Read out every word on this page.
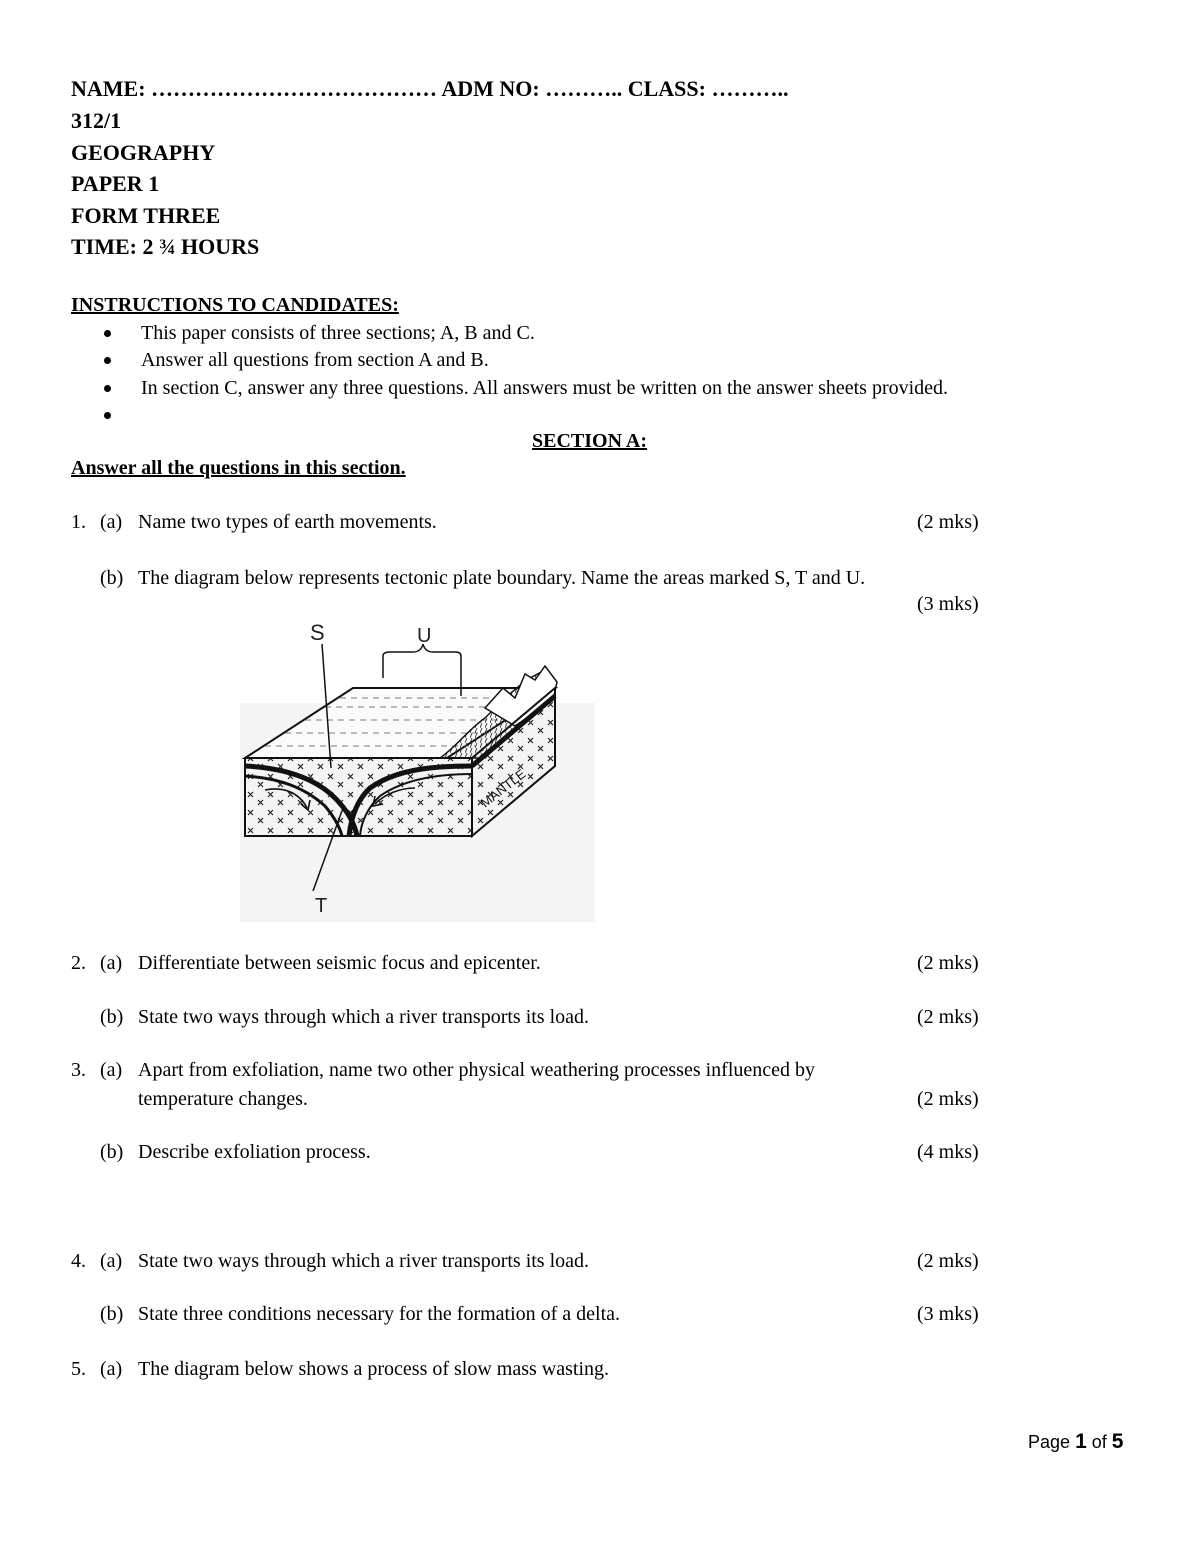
NAME: ………………………………… ADM NO: ……….. CLASS: ………..
312/1
GEOGRAPHY
PAPER 1
FORM THREE
TIME: 2 ¾ HOURS
INSTRUCTIONS TO CANDIDATES:
This paper consists of three sections; A, B and C.
Answer all questions from section A and B.
In section C, answer any three questions. All answers must be written on the answer sheets provided.
SECTION A:
Answer all the questions in this section.
1. (a) Name two types of earth movements.	(2 mks)
(b) The diagram below represents tectonic plate boundary. Name the areas marked S, T and U.
(3 mks)
S	U
T
MANTLE
2. (a) Differentiate between seismic focus and epicenter.	(2 mks)
(b) State two ways through which a river transports its load.	(2 mks)
3. (a) Apart from exfoliation, name two other physical weathering processes influenced by
temperature changes.	(2 mks)
(b) Describe exfoliation process.	(4 mks)
4. (a) State two ways through which a river transports its load.	(2 mks)
(b) State three conditions necessary for the formation of a delta.	(3 mks)
5. (a) The diagram below shows a process of slow mass wasting.
Page 1 of 5
